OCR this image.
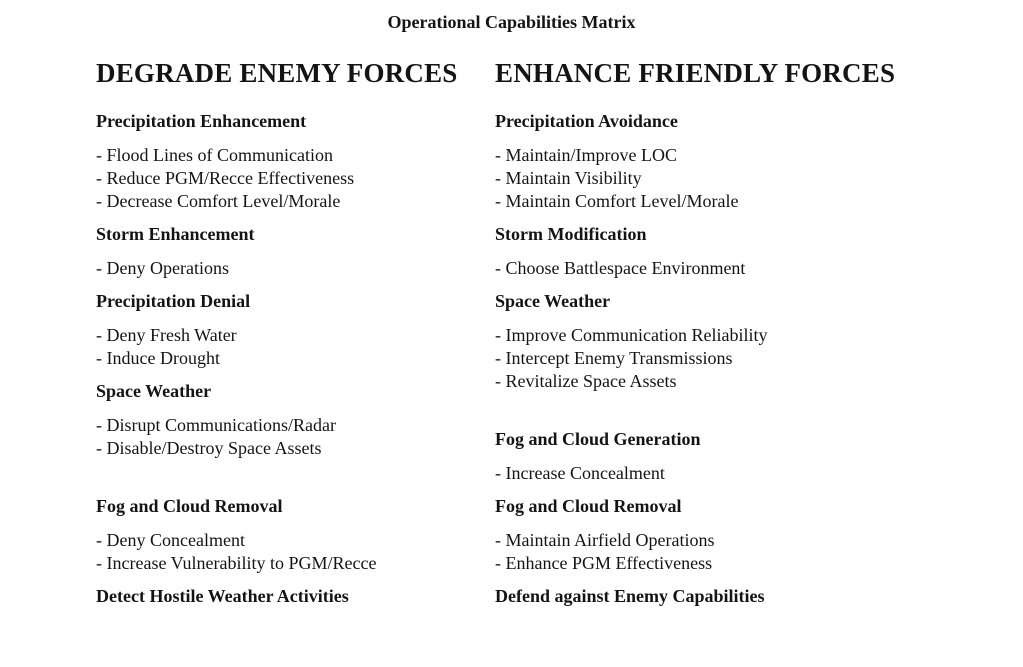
Operational Capabilities Matrix
DEGRADE ENEMY FORCES
Precipitation Enhancement
- Flood Lines of Communication
- Reduce PGM/Recce Effectiveness
- Decrease Comfort Level/Morale
Storm Enhancement
- Deny Operations
Precipitation Denial
- Deny Fresh Water
- Induce Drought
Space Weather
- Disrupt Communications/Radar
- Disable/Destroy Space Assets
Fog and Cloud Removal
- Deny Concealment
- Increase Vulnerability to PGM/Recce
Detect Hostile Weather Activities
ENHANCE FRIENDLY FORCES
Precipitation Avoidance
- Maintain/Improve LOC
- Maintain Visibility
- Maintain Comfort Level/Morale
Storm Modification
- Choose Battlespace Environment
Space Weather
- Improve Communication Reliability
- Intercept Enemy Transmissions
- Revitalize Space Assets
Fog and Cloud Generation
- Increase Concealment
Fog and Cloud Removal
- Maintain Airfield Operations
- Enhance PGM Effectiveness
Defend against Enemy Capabilities
